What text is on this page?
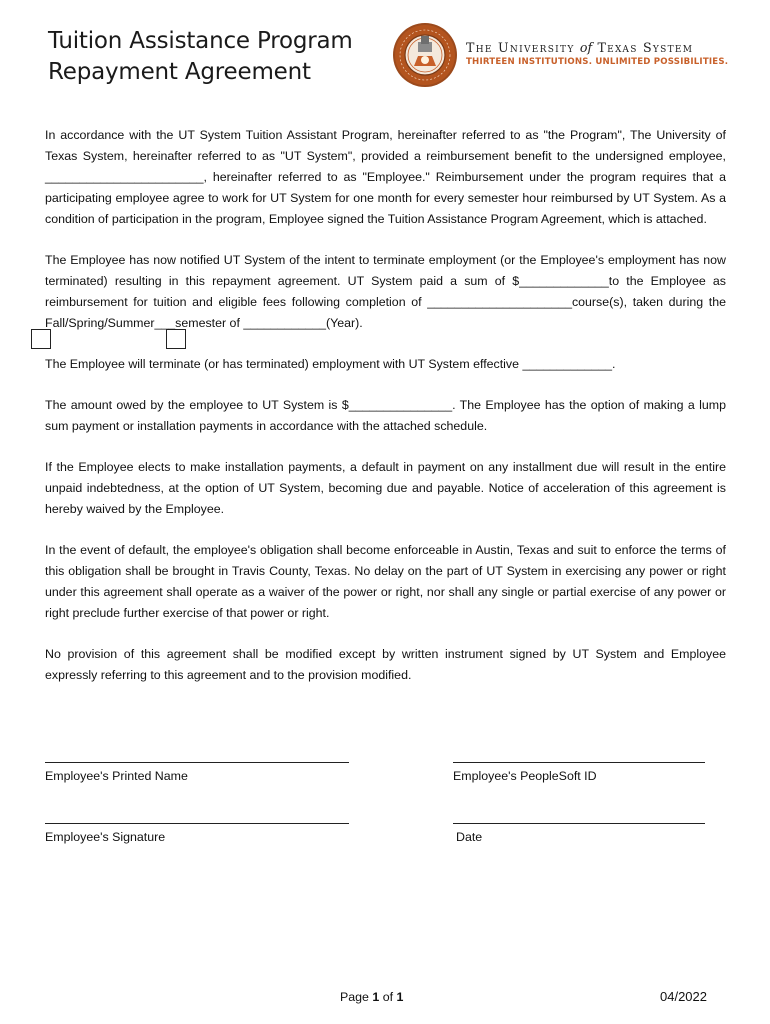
Tuition Assistance Program
Repayment Agreement
The University of Texas System
THIRTEEN INSTITUTIONS. UNLIMITED POSSIBILITIES.

In accordance with the UT System Tuition Assistant Program, hereinafter referred to as "the Program", The University of Texas System, hereinafter referred to as "UT System", provided a reimbursement benefit to the undersigned employee, _______________________, hereinafter referred to as "Employee." Reimbursement under the program requires that a participating employee agree to work for UT System for one month for every semester hour reimbursed by UT System. As a condition of participation in the program, Employee signed the Tuition Assistance Program Agreement, which is attached.

The Employee has now notified UT System of the intent to terminate employment (or the Employee's employment has now terminated) resulting in this repayment agreement. UT System paid a sum of $_____________to the Employee as reimbursement for tuition and eligible fees following completion of _____________________course(s), taken during the Fall/Spring/Summer___semester of ____________(Year).

The Employee will terminate (or has terminated) employment with UT System effective _____________.

The amount owed by the employee to UT System is $_______________. The Employee has the option of making a lump sum payment or installation payments in accordance with the attached schedule.

If the Employee elects to make installation payments, a default in payment on any installment due will result in the entire unpaid indebtedness, at the option of UT System, becoming due and payable. Notice of acceleration of this agreement is hereby waived by the Employee.

In the event of default, the employee's obligation shall become enforceable in Austin, Texas and suit to enforce the terms of this obligation shall be brought in Travis County, Texas. No delay on the part of UT System in exercising any power or right under this agreement shall operate as a waiver of the power or right, nor shall any single or partial exercise of any power or right preclude further exercise of that power or right.

No provision of this agreement shall be modified except by written instrument signed by UT System and Employee expressly referring to this agreement and to the provision modified.

Employee's Printed Name	Employee's PeopleSoft ID
Employee's Signature	Date
Page 1 of 1	04/2022
